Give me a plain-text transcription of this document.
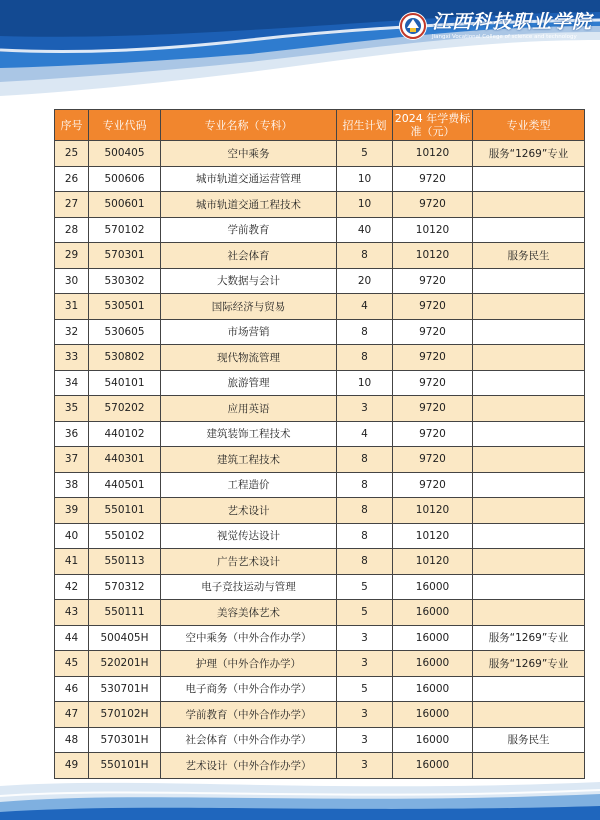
江西科技职业学院
Jiangxi Vocational College of science and technology
序号	专业代码	专业名称（专科）	招生计划	2024 年学费标准（元）	专业类型
25	500405	空中乘务	5	10120	服务“1269”专业
26	500606	城市轨道交通运营管理	10	9720	
27	500601	城市轨道交通工程技术	10	9720	
28	570102	学前教育	40	10120	
29	570301	社会体育	8	10120	服务民生
30	530302	大数据与会计	20	9720	
31	530501	国际经济与贸易	4	9720	
32	530605	市场营销	8	9720	
33	530802	现代物流管理	8	9720	
34	540101	旅游管理	10	9720	
35	570202	应用英语	3	9720	
36	440102	建筑装饰工程技术	4	9720	
37	440301	建筑工程技术	8	9720	
38	440501	工程造价	8	9720	
39	550101	艺术设计	8	10120	
40	550102	视觉传达设计	8	10120	
41	550113	广告艺术设计	8	10120	
42	570312	电子竞技运动与管理	5	16000	
43	550111	美容美体艺术	5	16000	
44	500405H	空中乘务（中外合作办学）	3	16000	服务“1269”专业
45	520201H	护理（中外合作办学）	3	16000	服务“1269”专业
46	530701H	电子商务（中外合作办学）	5	16000	
47	570102H	学前教育（中外合作办学）	3	16000	
48	570301H	社会体育（中外合作办学）	3	16000	服务民生
49	550101H	艺术设计（中外合作办学）	3	16000	
